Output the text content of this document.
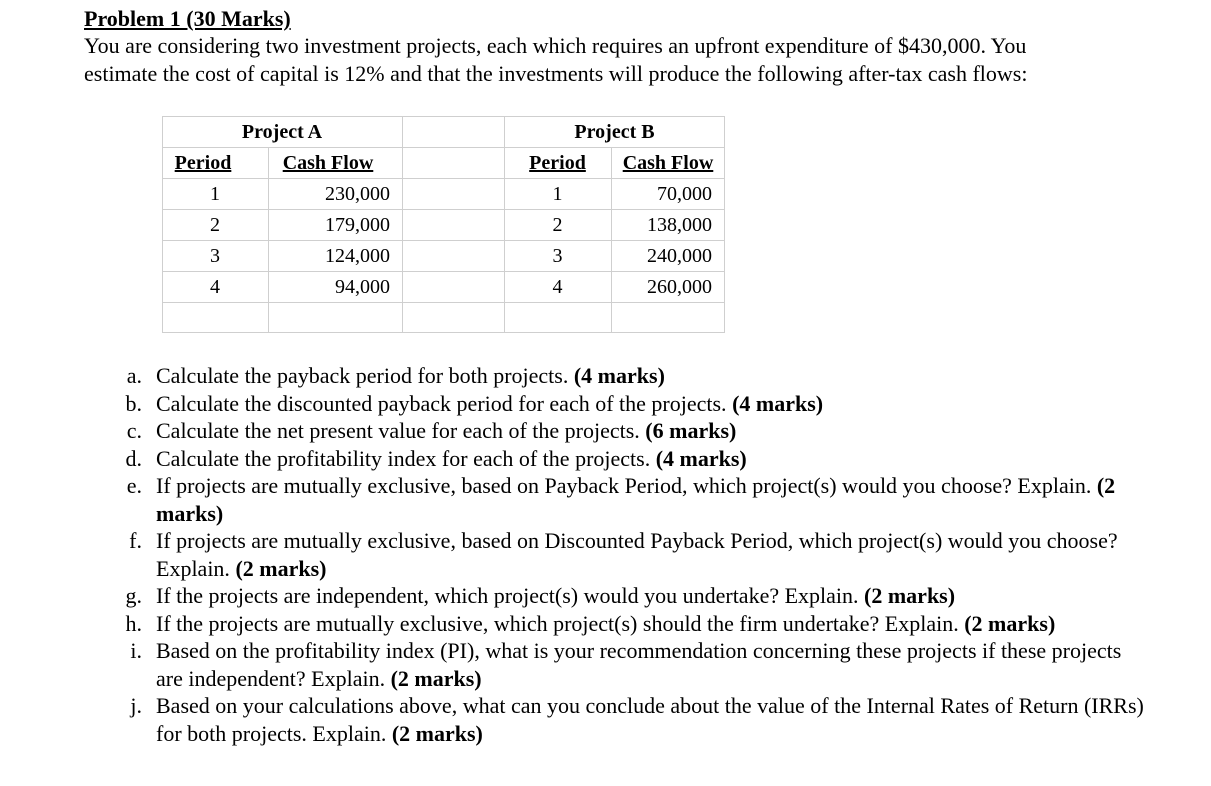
Problem 1 (30 Marks)
You are considering two investment projects, each which requires an upfront expenditure of $430,000. You
estimate the cost of capital is 12% and that the investments will produce the following after-tax cash flows:
Project A
Period	Cash Flow
1	230,000
2	179,000
3	124,000
4	94,000
Project B
Period	Cash Flow
1	70,000
2	138,000
3	240,000
4	260,000
a. Calculate the payback period for both projects. (4 marks)
b. Calculate the discounted payback period for each of the projects. (4 marks)
c. Calculate the net present value for each of the projects. (6 marks)
d. Calculate the profitability index for each of the projects. (4 marks)
e. If projects are mutually exclusive, based on Payback Period, which project(s) would you choose? Explain. (2 marks)
f. If projects are mutually exclusive, based on Discounted Payback Period, which project(s) would you choose? Explain. (2 marks)
g. If the projects are independent, which project(s) would you undertake? Explain. (2 marks)
h. If the projects are mutually exclusive, which project(s) should the firm undertake? Explain. (2 marks)
i. Based on the profitability index (PI), what is your recommendation concerning these projects if these projects are independent? Explain. (2 marks)
j. Based on your calculations above, what can you conclude about the value of the Internal Rates of Return (IRRs) for both projects. Explain. (2 marks)
